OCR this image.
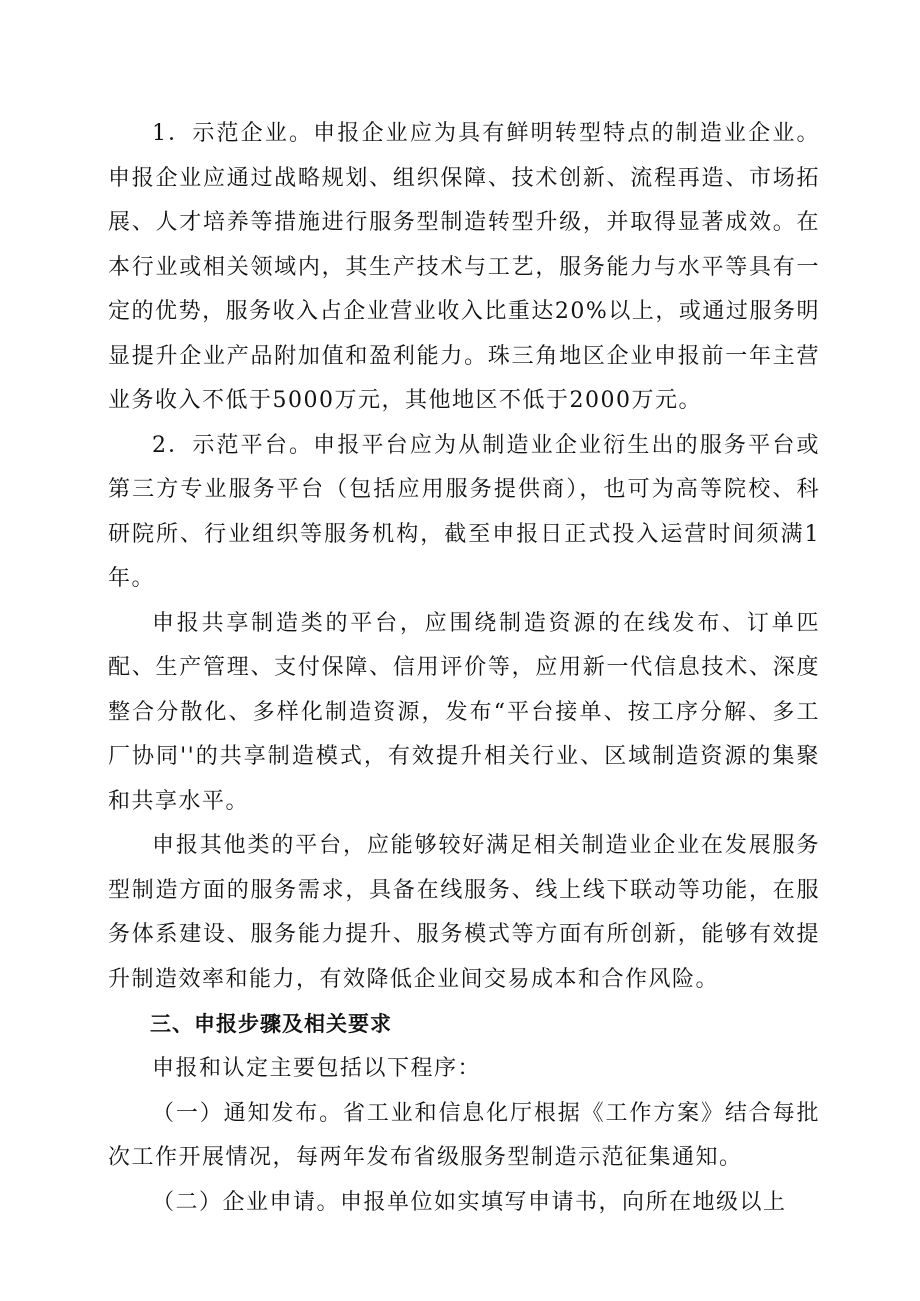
1．示范企业。申报企业应为具有鲜明转型特点的制造业企业。申报企业应通过战略规划、组织保障、技术创新、流程再造、市场拓展、人才培养等措施进行服务型制造转型升级，并取得显著成效。在本行业或相关领域内，其生产技术与工艺，服务能力与水平等具有一定的优势，服务收入占企业营业收入比重达20%以上，或通过服务明显提升企业产品附加值和盈利能力。珠三角地区企业申报前一年主营业务收入不低于5000万元，其他地区不低于2000万元。

2．示范平台。申报平台应为从制造业企业衍生出的服务平台或第三方专业服务平台（包括应用服务提供商），也可为高等院校、科研院所、行业组织等服务机构，截至申报日正式投入运营时间须满1年。

申报共享制造类的平台，应围绕制造资源的在线发布、订单匹配、生产管理、支付保障、信用评价等，应用新一代信息技术、深度整合分散化、多样化制造资源，发布“平台接单、按工序分解、多工厂协同''的共享制造模式，有效提升相关行业、区域制造资源的集聚和共享水平。

申报其他类的平台，应能够较好满足相关制造业企业在发展服务型制造方面的服务需求，具备在线服务、线上线下联动等功能，在服务体系建设、服务能力提升、服务模式等方面有所创新，能够有效提升制造效率和能力，有效降低企业间交易成本和合作风险。

三、申报步骤及相关要求

申报和认定主要包括以下程序：

（一）通知发布。省工业和信息化厅根据《工作方案》结合每批次工作开展情况，每两年发布省级服务型制造示范征集通知。

（二）企业申请。申报单位如实填写申请书，向所在地级以上
